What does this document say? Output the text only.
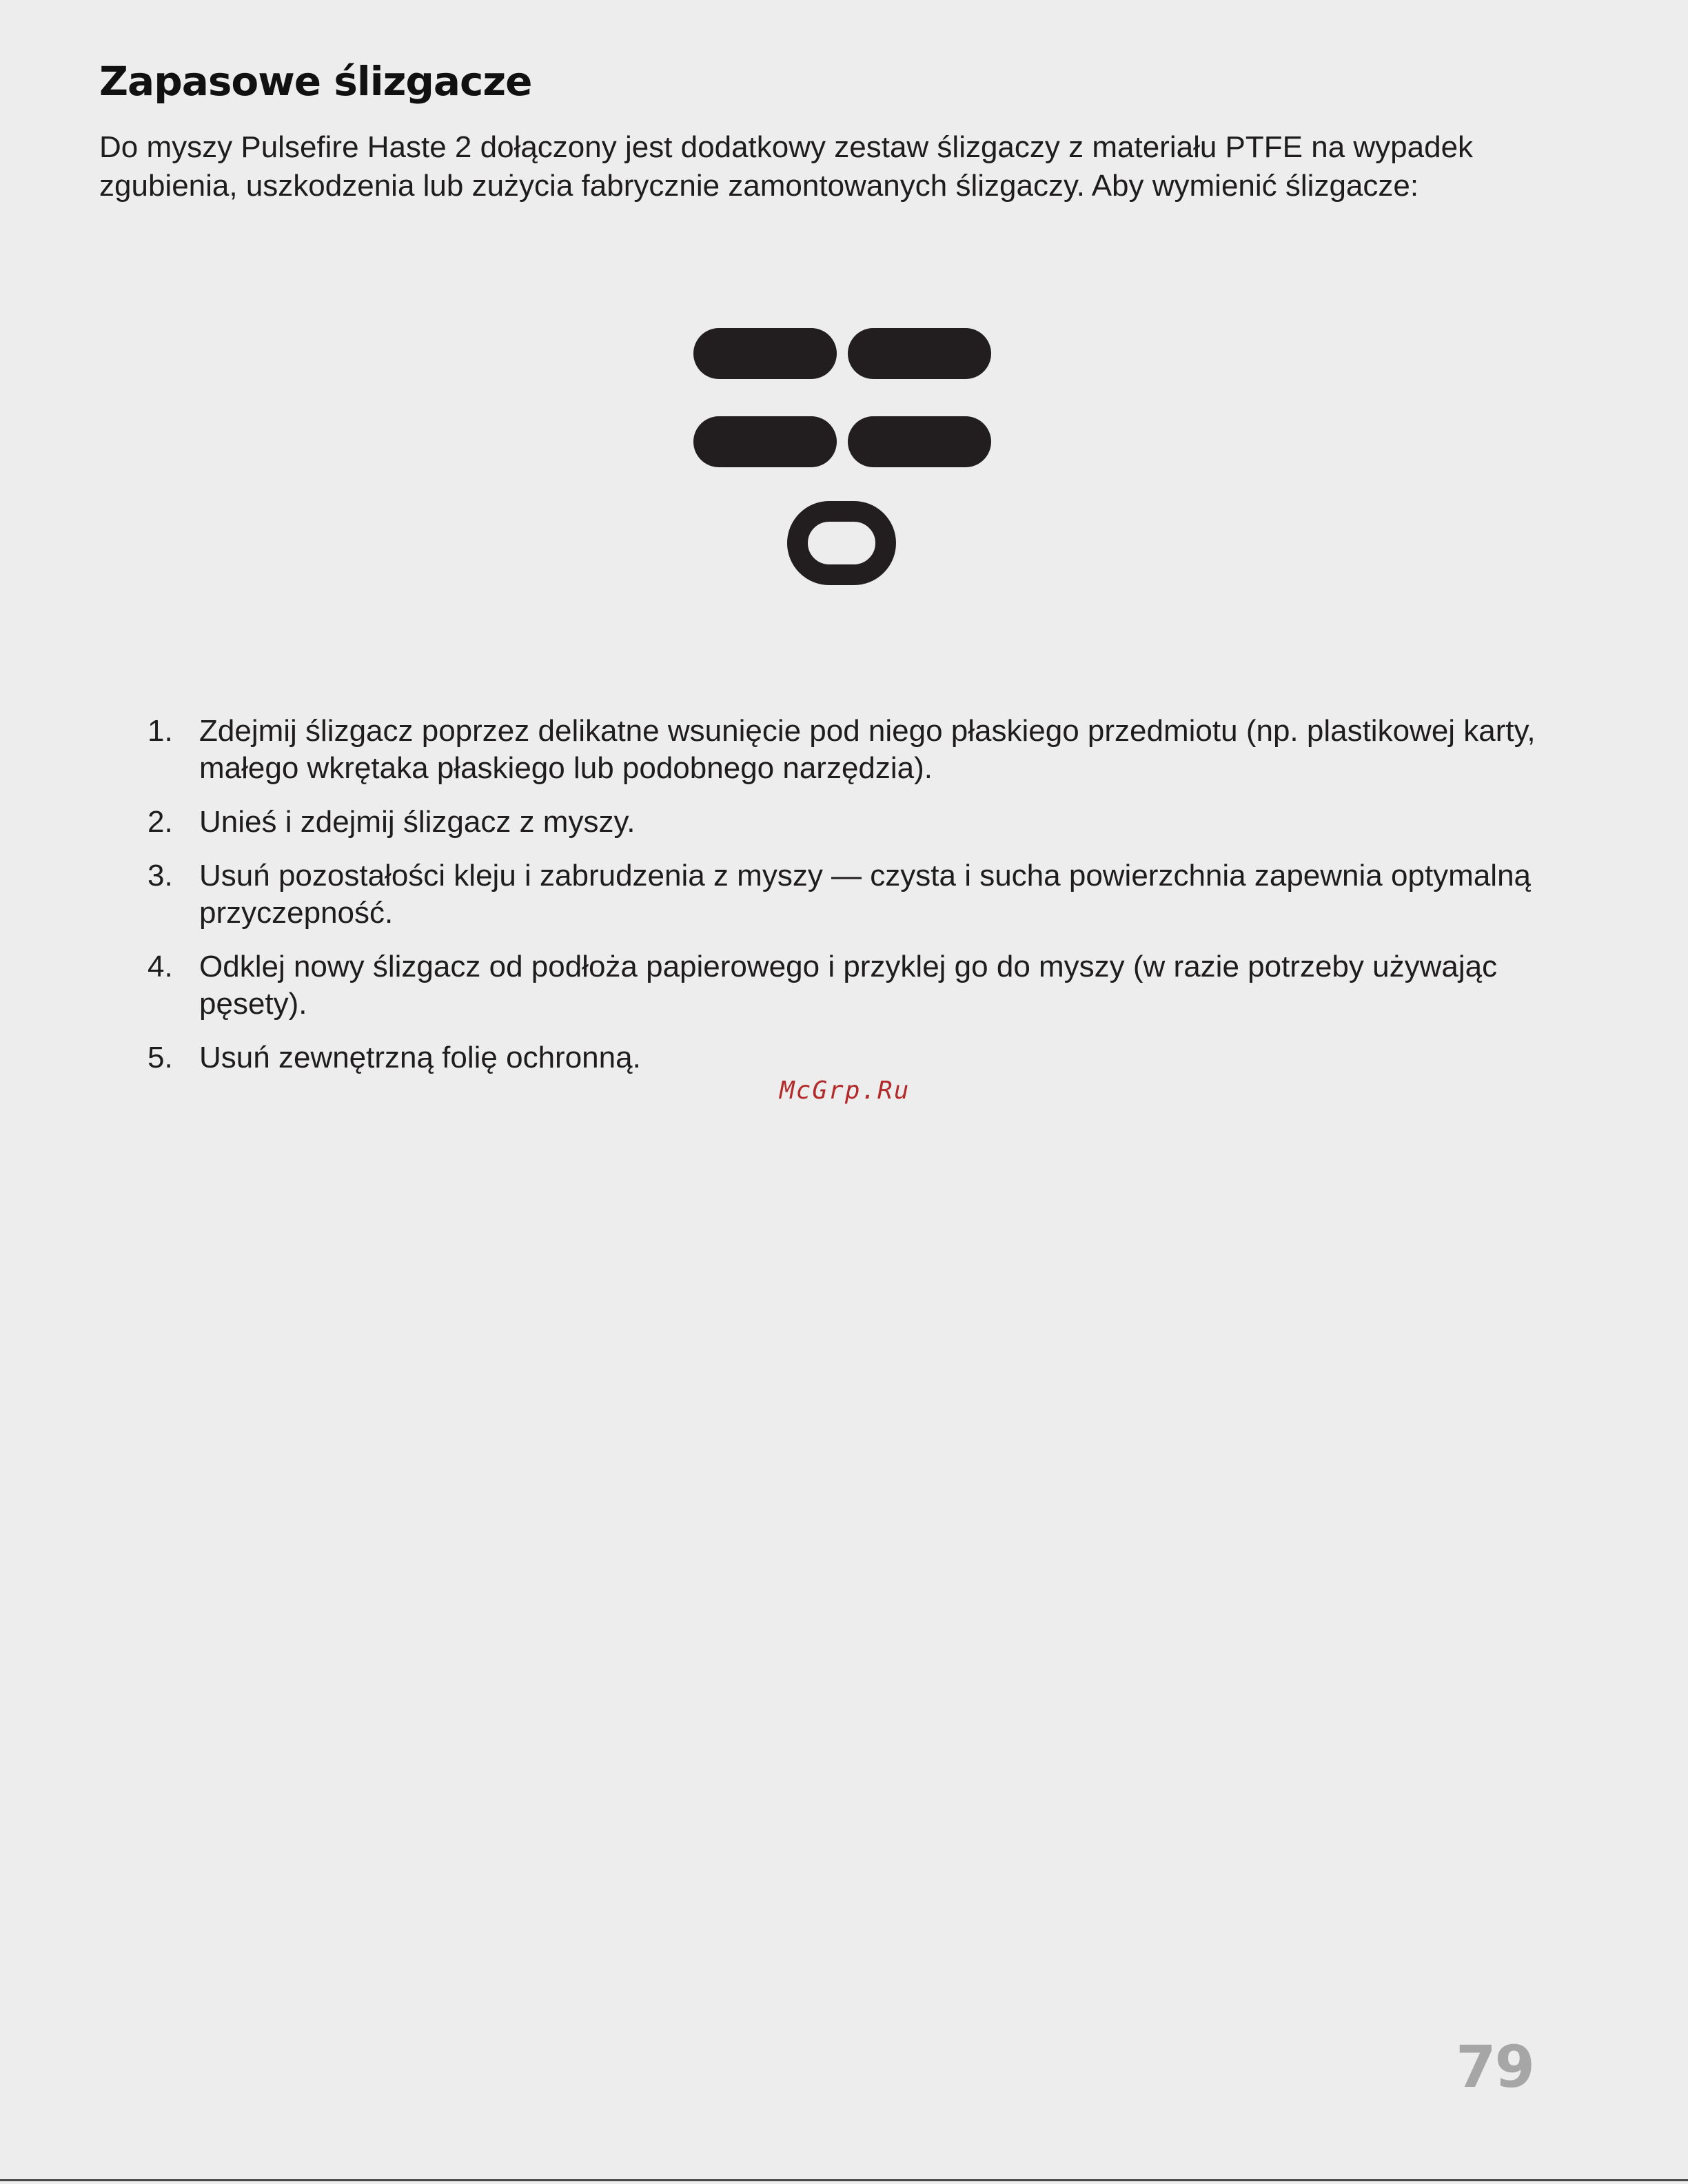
Zapasowe ślizgacze

Do myszy Pulsefire Haste 2 dołączony jest dodatkowy zestaw ślizgaczy z materiału PTFE na wypadek zgubienia, uszkodzenia lub zużycia fabrycznie zamontowanych ślizgaczy. Aby wymienić ślizgacze:

1. Zdejmij ślizgacz poprzez delikatne wsunięcie pod niego płaskiego przedmiotu (np. plastikowej karty, małego wkrętaka płaskiego lub podobnego narzędzia).
2. Unieś i zdejmij ślizgacz z myszy.
3. Usuń pozostałości kleju i zabrudzenia z myszy — czysta i sucha powierzchnia zapewnia optymalną przyczepność.
4. Odklej nowy ślizgacz od podłoża papierowego i przyklej go do myszy (w razie potrzeby używając pęsety).
5. Usuń zewnętrzną folię ochronną.
McGrp.Ru
79
